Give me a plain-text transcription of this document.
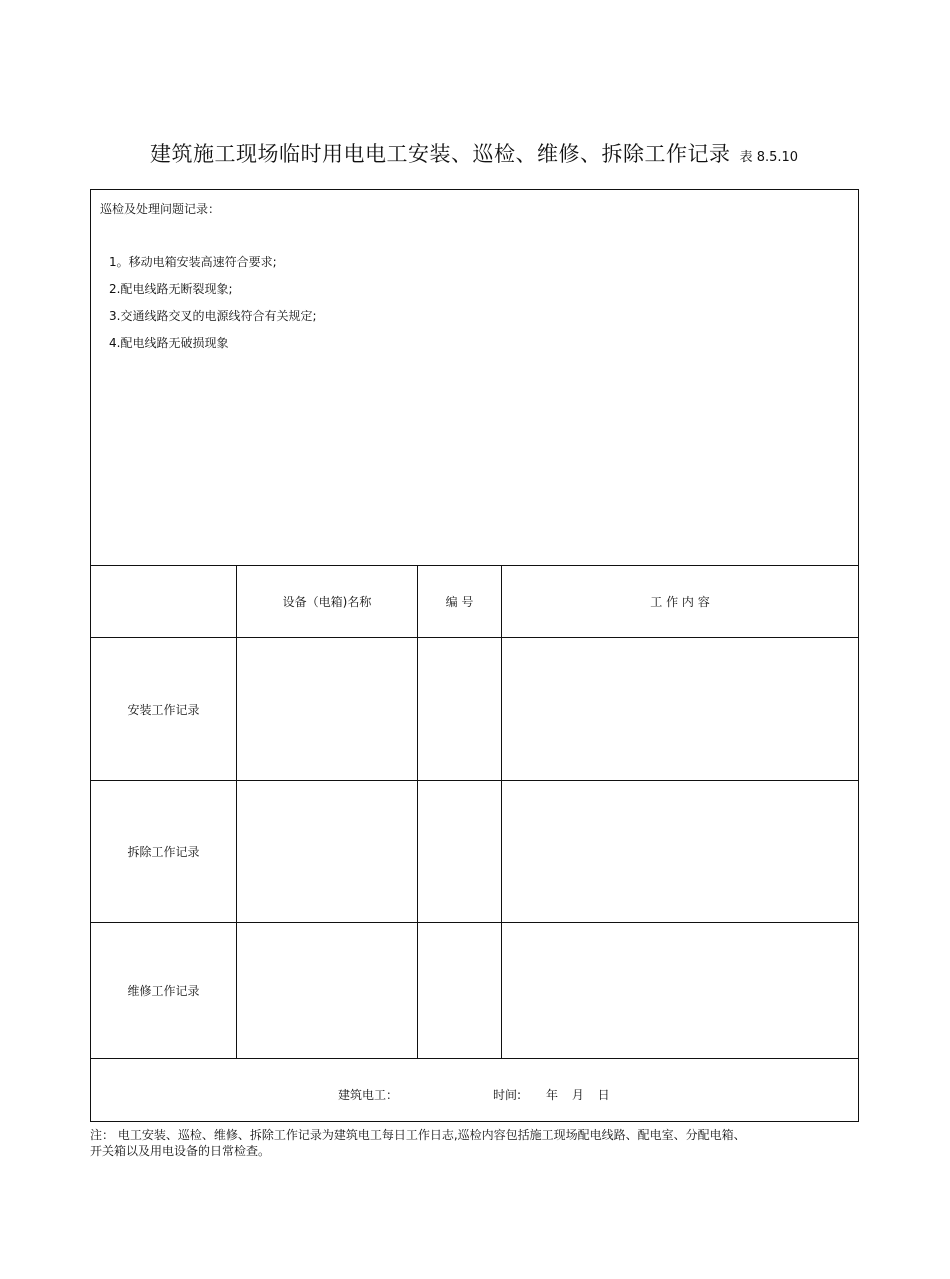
建筑施工现场临时用电电工安装、巡检、维修、拆除工作记录 表 8.5.10
巡检及处理问题记录：
1。移动电箱安装高速符合要求;
2.配电线路无断裂现象;
3.交通线路交叉的电源线符合有关规定;
4.配电线路无破损现象
设备（电箱)名称	编 号	工 作 内 容
安装工作记录
拆除工作记录
维修工作记录
建筑电工：	时间: 年 月 日
注： 电工安装、巡检、维修、拆除工作记录为建筑电工每日工作日志,巡检内容包括施工现场配电线路、配电室、分配电箱、
开关箱以及用电设备的日常检查。
